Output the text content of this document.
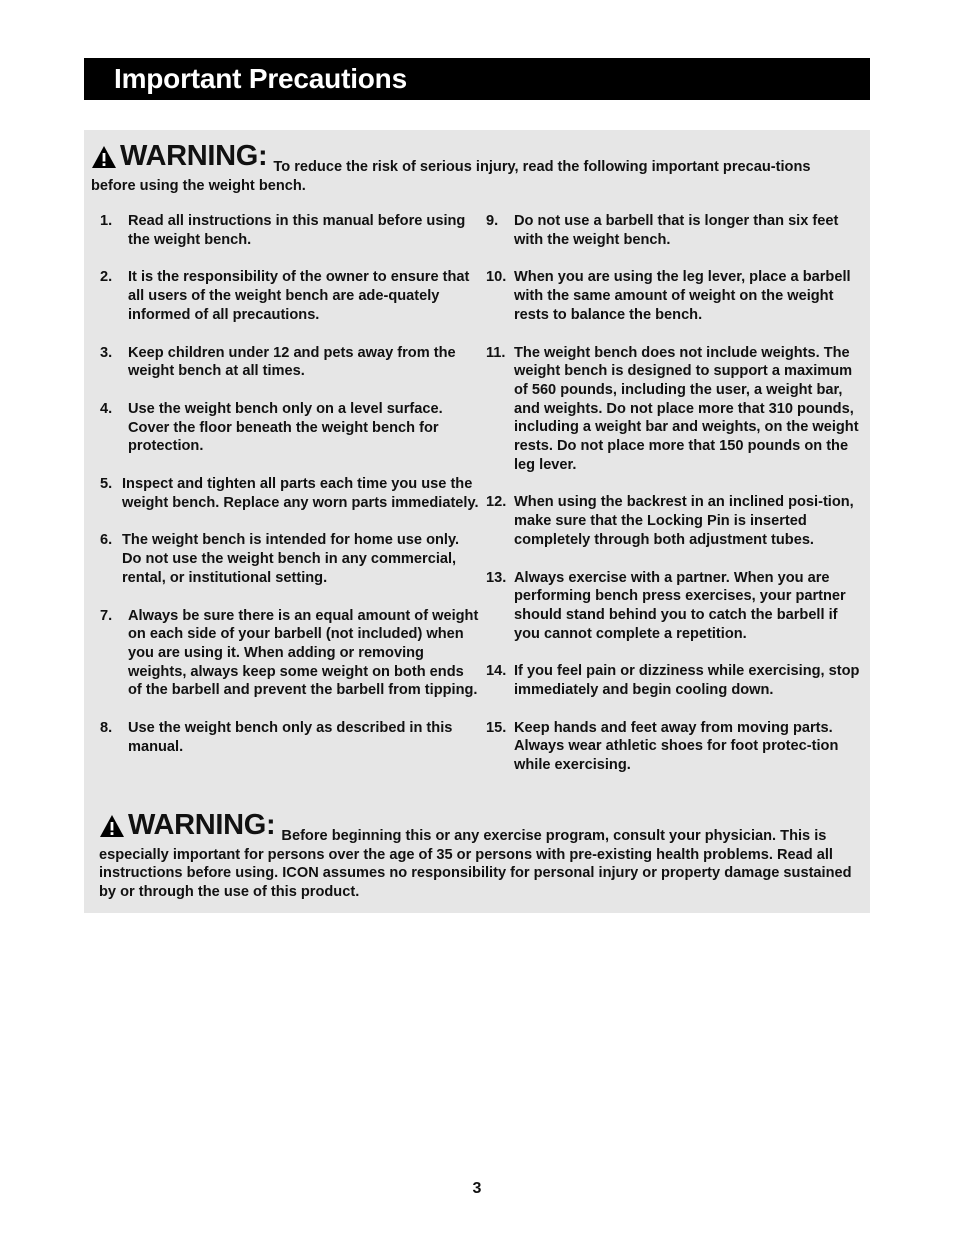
Important Precautions
WARNING: To reduce the risk of serious injury, read the following important precau-tions before using the weight bench.
1.	Read all instructions in this manual before using the weight bench.
2.	It is the responsibility of the owner to ensure that all users of the weight bench are ade-quately informed of all precautions.
3.	Keep children under 12 and pets away from the weight bench at all times.
4.	Use the weight bench only on a level surface. Cover the floor beneath the weight bench for protection.
5. Inspect and tighten all parts each time you use the weight bench. Replace any worn parts immediately.
6. The weight bench is intended for home use only. Do not use the weight bench in any commercial, rental, or institutional setting.
7.	Always be sure there is an equal amount of weight on each side of your barbell (not included) when you are using it. When adding or removing weights, always keep some weight on both ends of the barbell and prevent the barbell from tipping.
8.	Use the weight bench only as described in this manual.
9.	Do not use a barbell that is longer than six feet with the weight bench.
10. When you are using the leg lever, place a barbell with the same amount of weight on the weight rests to balance the bench.
11. The weight bench does not include weights. The weight bench is designed to support a maximum of 560 pounds, including the user, a weight bar, and weights. Do not place more that 310 pounds, including a weight bar and weights, on the weight rests. Do not place more that 150 pounds on the leg lever.
12. When using the backrest in an inclined posi-tion, make sure that the Locking Pin is inserted completely through both adjustment tubes.
13. Always exercise with a partner. When you are performing bench press exercises, your partner should stand behind you to catch the barbell if you cannot complete a repetition.
14. If you feel pain or dizziness while exercising, stop immediately and begin cooling down.
15. Keep hands and feet away from moving parts. Always wear athletic shoes for foot protec-tion while exercising.
WARNING: Before beginning this or any exercise program, consult your physician. This is especially important for persons over the age of 35 or persons with pre-existing health problems. Read all instructions before using. ICON assumes no responsibility for personal injury or property damage sustained by or through the use of this product.
3
